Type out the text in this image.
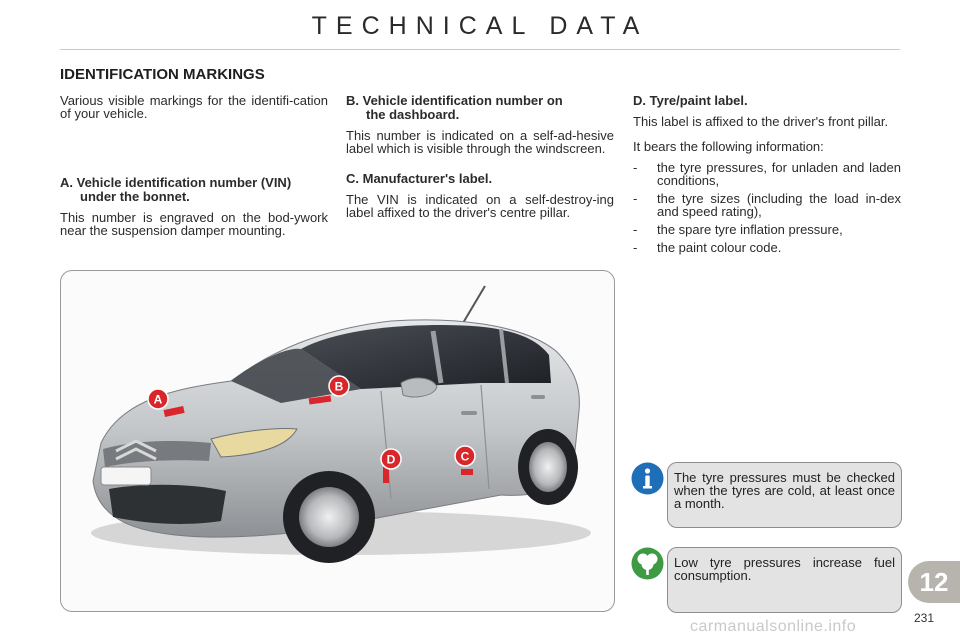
TECHNICAL DATA
IDENTIFICATION MARKINGS

Various visible markings for the identifi-cation of your vehicle.

A. Vehicle identification number (VIN)
under the bonnet.

This number is engraved on the bod-ywork near the suspension damper mounting.

B. Vehicle identification number on
the dashboard.

This number is indicated on a self-ad-hesive label which is visible through the windscreen.

C. Manufacturer's label.

The VIN is indicated on a self-destroy-ing label affixed to the driver's centre pillar.

D. Tyre/paint label.

This label is affixed to the driver's front pillar.

It bears the following information:

- the tyre pressures, for unladen and laden conditions,
- the tyre sizes (including the load in-dex and speed rating),
- the spare tyre inflation pressure,
- the paint colour code.
A
B
C
D

The tyre pressures must be checked when the tyres are cold, at least once a month.

Low tyre pressures increase fuel consumption.	12
231
carmanualsonline.info
